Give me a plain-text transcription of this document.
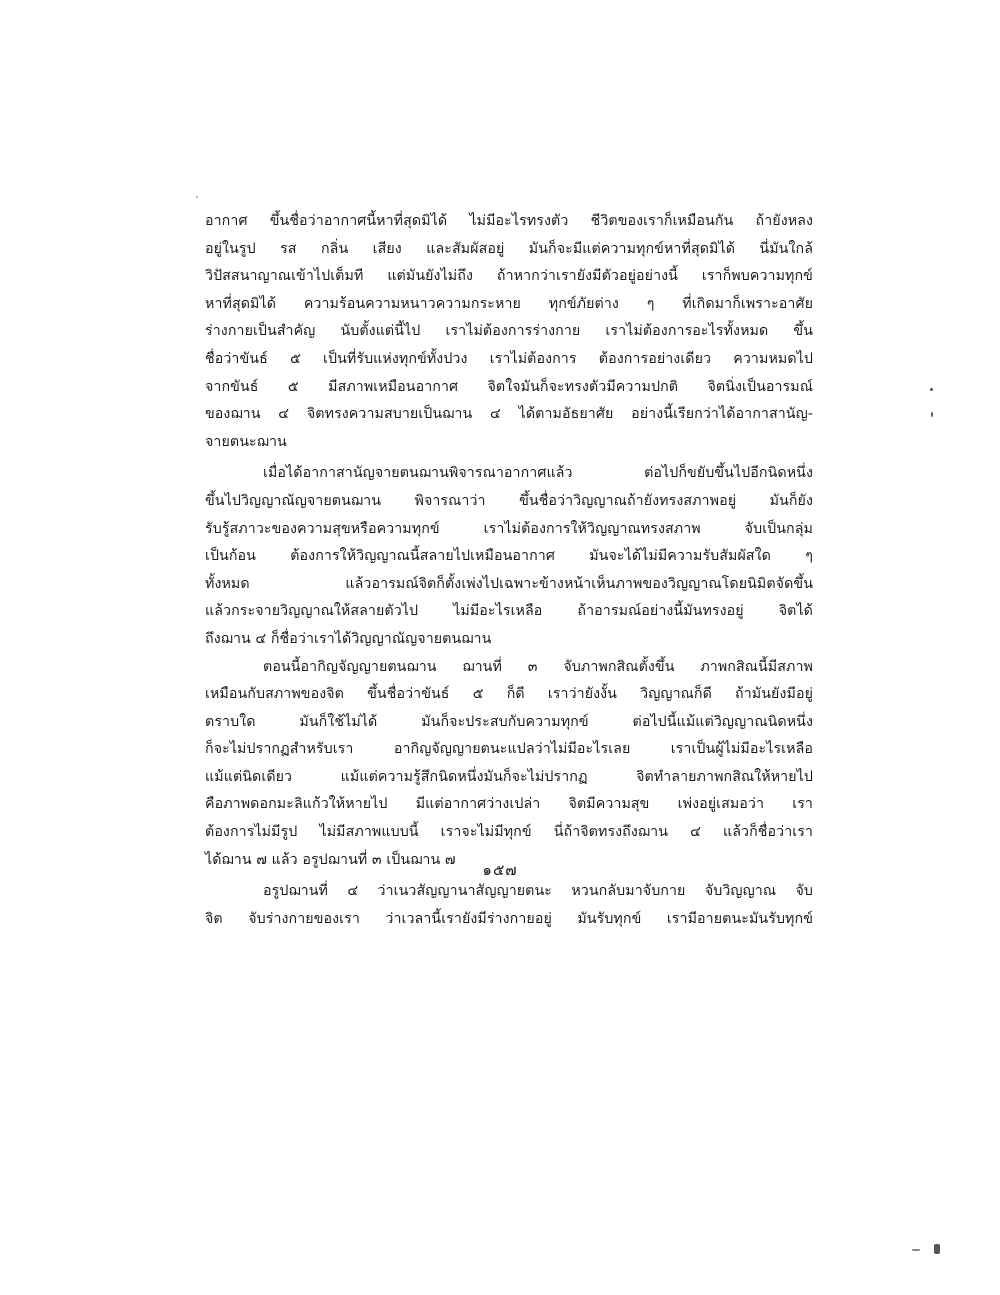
อากาศ ขึ้นชื่อว่าอากาศนี้หาที่สุดมิได้ ไม่มีอะไรทรงตัว ชีวิตของเราก็เหมือนกัน ถ้ายังหลง
อยู่ในรูป รส กลิ่น เสียง และสัมผัสอยู่ มันก็จะมีแต่ความทุกข์หาที่สุดมิได้ นี่มันใกล้
วิปัสสนาญาณเข้าไปเต็มที แต่มันยังไม่ถึง ถ้าหากว่าเรายังมีตัวอยู่อย่างนี้ เราก็พบความทุกข์
หาที่สุดมิได้ ความร้อนความหนาวความกระหาย ทุกข์ภัยต่าง ๆ ที่เกิดมาก็เพราะอาศัย
ร่างกายเป็นสำคัญ นับตั้งแต่นี้ไป เราไม่ต้องการร่างกาย เราไม่ต้องการอะไรทั้งหมด ขึ้น
ชื่อว่าขันธ์ ๕ เป็นที่รับแห่งทุกข์ทั้งปวง เราไม่ต้องการ ต้องการอย่างเดียว ความหมดไป
จากขันธ์ ๕ มีสภาพเหมือนอากาศ จิตใจมันก็จะทรงตัวมีความปกติ จิตนิ่งเป็นอารมณ์
ของฌาน ๔ จิตทรงความสบายเป็นฌาน ๔ ได้ตามอัธยาศัย อย่างนี้เรียกว่าได้อากาสานัญ-
จายตนะฌาน
เมื่อได้อากาสานัญจายตนฌานพิจารณาอากาศแล้ว ต่อไปก็ขยับขึ้นไปอีกนิดหนึ่ง
ขึ้นไปวิญญาณัญจายตนฌาน พิจารณาว่า ขึ้นชื่อว่าวิญญาณถ้ายังทรงสภาพอยู่ มันก็ยัง
รับรู้สภาวะของความสุขหรือความทุกข์ เราไม่ต้องการให้วิญญาณทรงสภาพ จับเป็นกลุ่ม
เป็นก้อน ต้องการให้วิญญาณนี้สลายไปเหมือนอากาศ มันจะได้ไม่มีความรับสัมผัสใด ๆ
ทั้งหมด แล้วอารมณ์จิตก็ตั้งเพ่งไปเฉพาะข้างหน้าเห็นภาพของวิญญาณโดยนิมิตจัดขึ้น
แล้วกระจายวิญญาณให้สลายตัวไป ไม่มีอะไรเหลือ ถ้าอารมณ์อย่างนี้มันทรงอยู่ จิตได้
ถึงฌาน ๔ ก็ชื่อว่าเราได้วิญญาณัญจายตนฌาน
ตอนนี้อากิญจัญญายตนฌาน ฌานที่ ๓ จับภาพกสิณตั้งขึ้น ภาพกสิณนี้มีสภาพ
เหมือนกับสภาพของจิต ขึ้นชื่อว่าขันธ์ ๕ ก็ดี เราว่ายังงั้น วิญญาณก็ดี ถ้ามันยังมีอยู่
ตราบใด มันก็ใช้ไม่ได้ มันก็จะประสบกับความทุกข์ ต่อไปนี้แม้แต่วิญญาณนิดหนึ่ง
ก็จะไม่ปรากฏสำหรับเรา อากิญจัญญายตนะแปลว่าไม่มีอะไรเลย เราเป็นผู้ไม่มีอะไรเหลือ
แม้แต่นิดเดียว แม้แต่ความรู้สึกนิดหนึ่งมันก็จะไม่ปรากฏ จิตทำลายภาพกสิณให้หายไป
คือภาพดอกมะลิแก้วให้หายไป มีแต่อากาศว่างเปล่า จิตมีความสุข เพ่งอยู่เสมอว่า เรา
ต้องการไม่มีรูป ไม่มีสภาพแบบนี้ เราจะไม่มีทุกข์ นี่ถ้าจิตทรงถึงฌาน ๔ แล้วก็ชื่อว่าเรา
ได้ฌาน ๗ แล้ว อรูปฌานที่ ๓ เป็นฌาน ๗
อรูปฌานที่ ๔ ว่าเนวสัญญานาสัญญายตนะ หวนกลับมาจับกาย จับวิญญาณ จับ
จิต จับร่างกายของเรา ว่าเวลานี้เรายังมีร่างกายอยู่ มันรับทุกข์ เรามีอายตนะมันรับทุกข์
๑๕๗
